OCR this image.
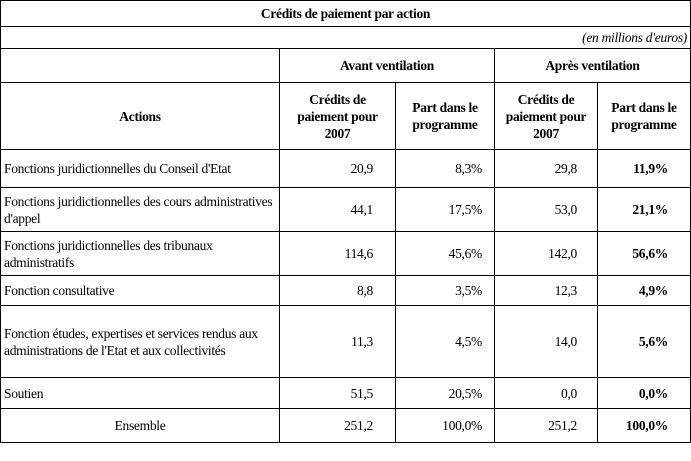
Crédits de paiement par action				
(en millions d'euros)				
	Avant ventilation		Après ventilation	
Actions	Crédits de paiement pour 2007	Part dans le programme	Crédits de paiement pour 2007	Part dans le programme
Fonctions juridictionnelles du Conseil d'Etat	20,9	8,3%	29,8	11,9%
Fonctions juridictionnelles des cours administratives d'appel	44,1	17,5%	53,0	21,1%
Fonctions juridictionnelles des tribunaux administratifs	114,6	45,6%	142,0	56,6%
Fonction consultative	8,8	3,5%	12,3	4,9%
Fonction études, expertises et services rendus aux administrations de l'Etat et aux collectivités	11,3	4,5%	14,0	5,6%
Soutien	51,5	20,5%	0,0	0,0%
Ensemble	251,2	100,0%	251,2	100,0%
